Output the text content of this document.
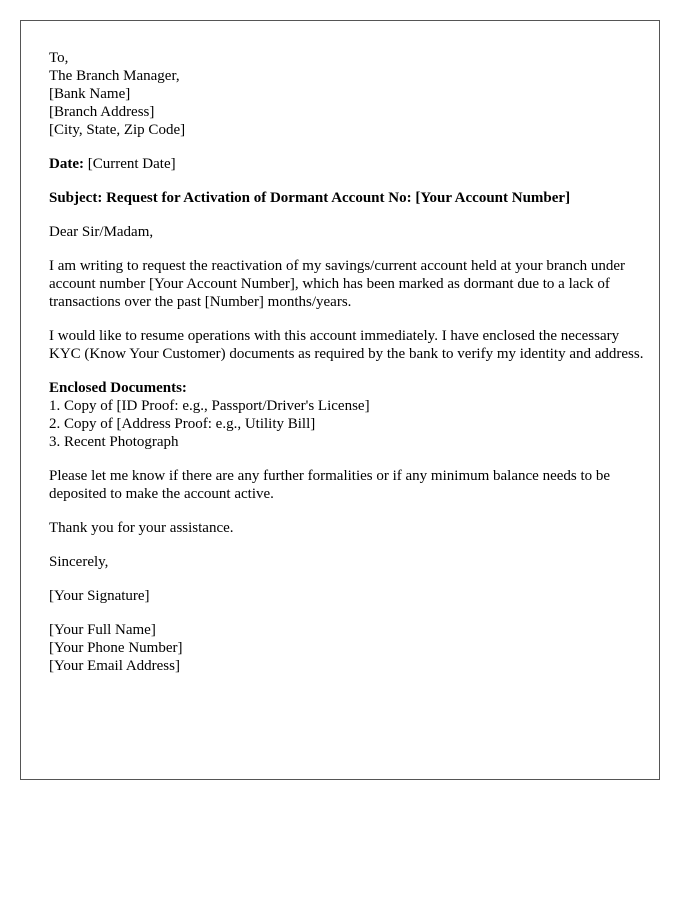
To,
The Branch Manager,
[Bank Name]
[Branch Address]
[City, State, Zip Code]
Date: [Current Date]
Subject: Request for Activation of Dormant Account No: [Your Account Number]
Dear Sir/Madam,
I am writing to request the reactivation of my savings/current account held at your branch under account number [Your Account Number], which has been marked as dormant due to a lack of transactions over the past [Number] months/years.
I would like to resume operations with this account immediately. I have enclosed the necessary KYC (Know Your Customer) documents as required by the bank to verify my identity and address.
Enclosed Documents:
1. Copy of [ID Proof: e.g., Passport/Driver's License]
2. Copy of [Address Proof: e.g., Utility Bill]
3. Recent Photograph
Please let me know if there are any further formalities or if any minimum balance needs to be deposited to make the account active.
Thank you for your assistance.
Sincerely,
[Your Signature]
[Your Full Name]
[Your Phone Number]
[Your Email Address]
